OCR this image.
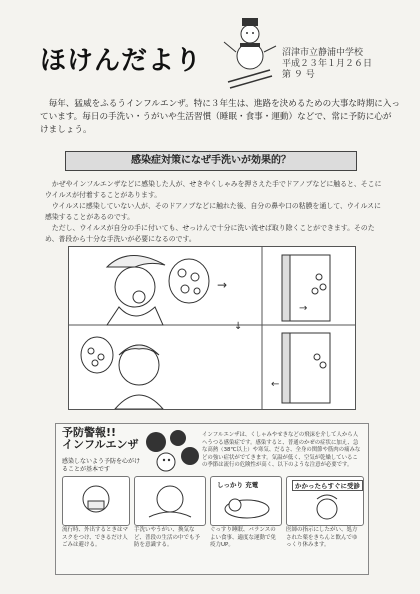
ほけんだより	沼津市立静浦中学校
平成２３年１月２６日
第 ９ 号
毎年、猛威をふるうインフルエンザ。特に３年生は、進路を決めるための大事な時期に入っています。毎日の手洗い・うがいや生活習慣（睡眠・食事・運動）などで、常に予防に心がけましょう。
感染症対策になぜ手洗いが効果的？
かぜやインフルエンザなどに感染した人が、せきやくしゃみを押さえた手でドアノブなどに触ると、そこにウイルスが付着することがあります。
ウイルスに感染していない人が、そのドアノブなどに触れた後、自分の鼻や口の粘膜を通して、ウイルスに感染することがあるのです。
ただし、ウイルスが自分の手に付いても、せっけんで十分に洗い流せば取り除くことができます。そのため、普段から十分な手洗いが必要になるのです。
→
→
↓
←
予防警報!!
インフルエンザ
感染しないよう予防を心がけることが基本です
インフルエンザは、くしゃみやせきなどの飛沫を介して人から人へうつる感染症です。感染すると、普通のかぜの症状に加え、急な高熱（38℃以上）や寒気、だるさ、全身の関節や筋肉の痛みなどの強い症状がでてきます。気温が低く、空気が乾燥しているこの季節は流行の危険性が高く、以下のような注意が必要です。
流行時、外出するときはマスクをつけ、できるだけ人ごみは避ける。
手洗いやうがい、換気など、普段の生活の中でも予防を意識する。
しっかり 充電
ぐっすり睡眠、バランスのよい食事、適度な運動で免疫力UP。
かかったらすぐに受診
医師の指示にしたがい、処方された薬をきちんと飲んでゆっくり休みます。
